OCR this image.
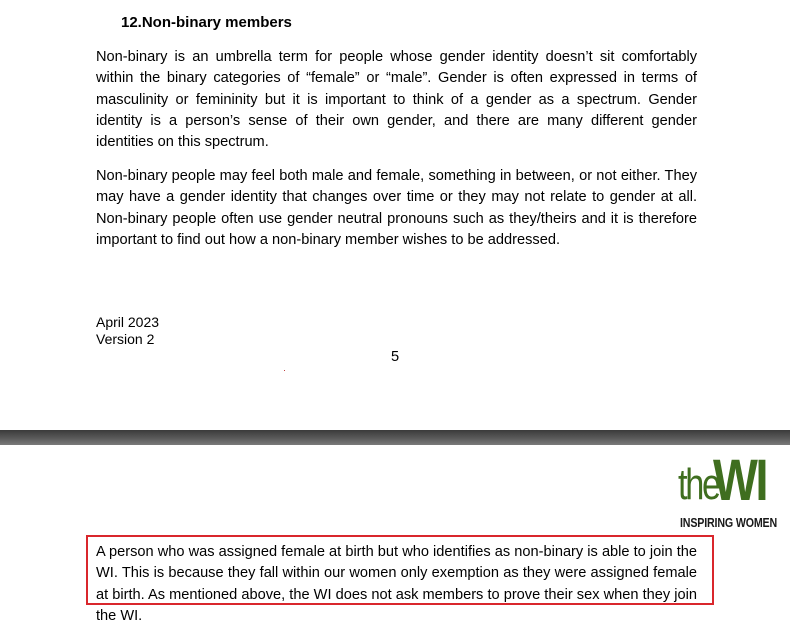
12.Non-binary members

Non-binary is an umbrella term for people whose gender identity doesn’t sit comfortably within the binary categories of “female” or “male”. Gender is often expressed in terms of masculinity or femininity but it is important to think of a gender as a spectrum. Gender identity is a person’s sense of their own gender, and there are many different gender identities on this spectrum.

Non-binary people may feel both male and female, something in between, or not either. They may have a gender identity that changes over time or they may not relate to gender at all. Non-binary people often use gender neutral pronouns such as they/theirs and it is therefore important to find out how a non-binary member wishes to be addressed.

April 2023
Version 2
5
the
WI
INSPIRING WOMEN

A person who was assigned female at birth but who identifies as non-binary is able to join the WI. This is because they fall within our women only exemption as they were assigned female at birth. As mentioned above, the WI does not ask members to prove their sex when they join the WI.
